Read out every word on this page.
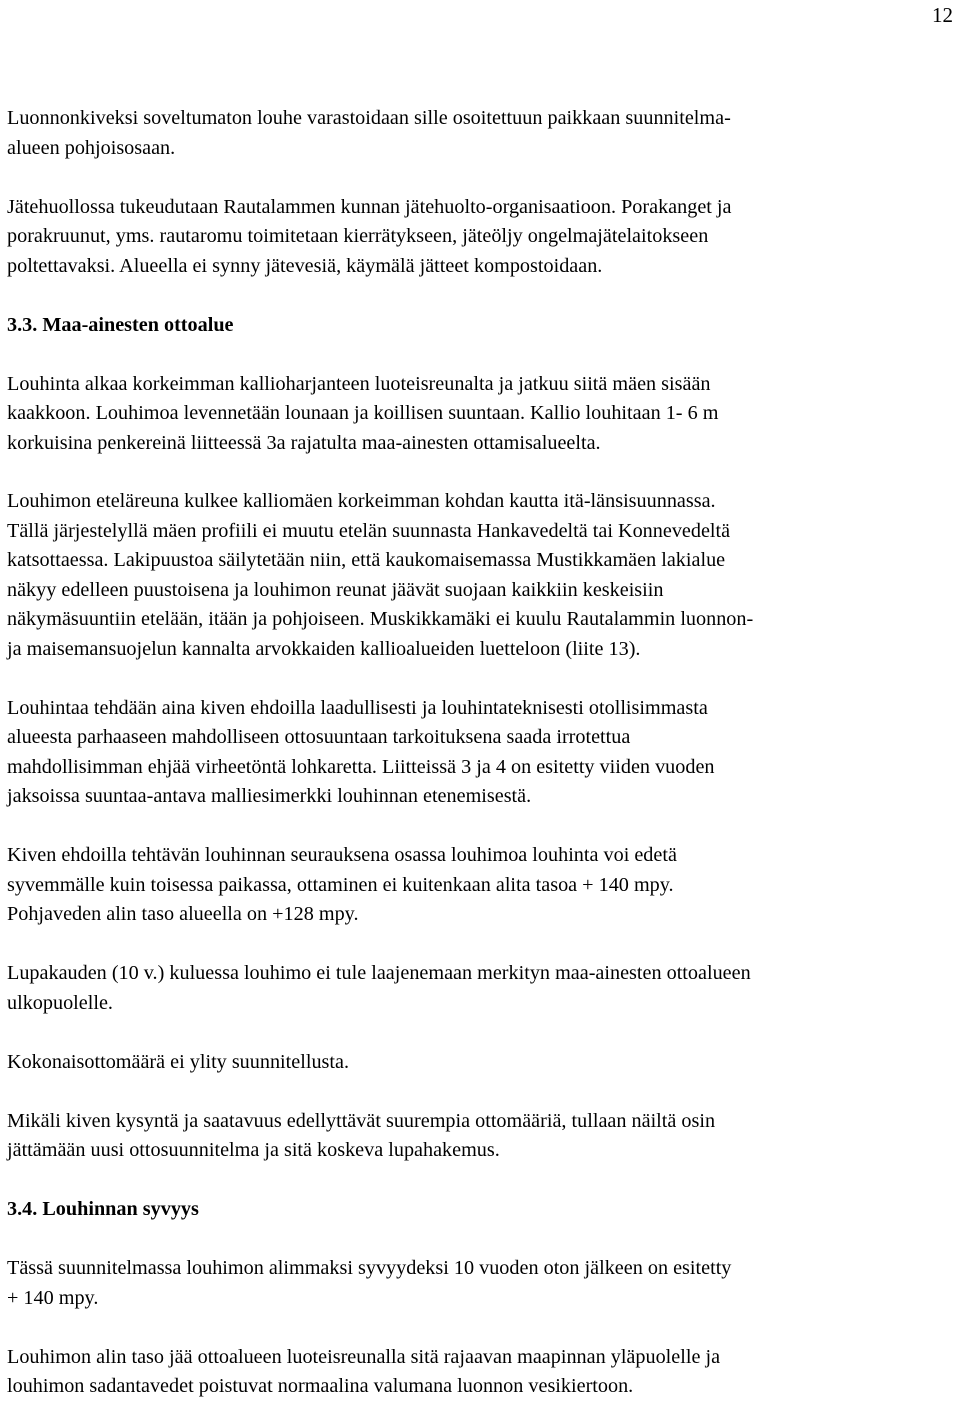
12
Luonnonkiveksi soveltumaton louhe varastoidaan sille osoitettuun paikkaan suunnitelma-
alueen pohjoisosaan.
Jätehuollossa tukeudutaan Rautalammen kunnan jätehuolto-organisaatioon. Porakanget ja
porakruunut, yms. rautaromu toimitetaan kierrätykseen, jäteöljy ongelmajätelaitokseen
poltettavaksi. Alueella ei synny jätevesiä, käymälä jätteet kompostoidaan.
3.3. Maa-ainesten ottoalue
Louhinta alkaa korkeimman kallioharjanteen luoteisreunalta ja jatkuu siitä mäen sisään
kaakkoon. Louhimoa levennetään lounaan ja koillisen suuntaan. Kallio louhitaan 1- 6 m
korkuisina penkereinä liitteessä 3a rajatulta maa-ainesten ottamisalueelta.
Louhimon eteläreuna kulkee kalliomäen korkeimman kohdan kautta itä-länsisuunnassa.
Tällä järjestelyllä mäen profiili ei muutu etelän suunnasta Hankavedeltä tai Konnevedeltä
katsottaessa. Lakipuustoa säilytetään niin, että kaukomaisemassa Mustikkamäen lakialue
näkyy edelleen puustoisena ja louhimon reunat jäävät suojaan kaikkiin keskeisiin
näkymäsuuntiin etelään, itään ja pohjoiseen. Muskikkamäki ei kuulu Rautalammin luonnon-
ja maisemansuojelun kannalta arvokkaiden kallioalueiden luetteloon (liite 13).
Louhintaa tehdään aina kiven ehdoilla laadullisesti ja louhintateknisesti otollisimmasta
alueesta parhaaseen mahdolliseen ottosuuntaan tarkoituksena saada irrotettua
mahdollisimman ehjää virheetöntä lohkaretta. Liitteissä 3 ja 4 on esitetty viiden vuoden
jaksoissa suuntaa-antava malliesimerkki louhinnan etenemisestä.
Kiven ehdoilla tehtävän louhinnan seurauksena osassa louhimoa louhinta voi edetä
syvemmälle kuin toisessa paikassa, ottaminen ei kuitenkaan alita tasoa + 140 mpy.
Pohjaveden alin taso alueella on +128 mpy.
Lupakauden (10 v.) kuluessa louhimo ei tule laajenemaan merkityn maa-ainesten ottoalueen
ulkopuolelle.
Kokonaisottomäärä ei ylity suunnitellusta.
Mikäli kiven kysyntä ja saatavuus edellyttävät suurempia ottomääriä, tullaan näiltä osin
jättämään uusi ottosuunnitelma ja sitä koskeva lupahakemus.
3.4. Louhinnan syvyys
Tässä suunnitelmassa louhimon alimmaksi syvyydeksi 10 vuoden oton jälkeen on esitetty
+ 140 mpy.
Louhimon alin taso jää ottoalueen luoteisreunalla sitä rajaavan maapinnan yläpuolelle ja
louhimon sadantavedet poistuvat normaalina valumana luonnon vesikiertoon.
